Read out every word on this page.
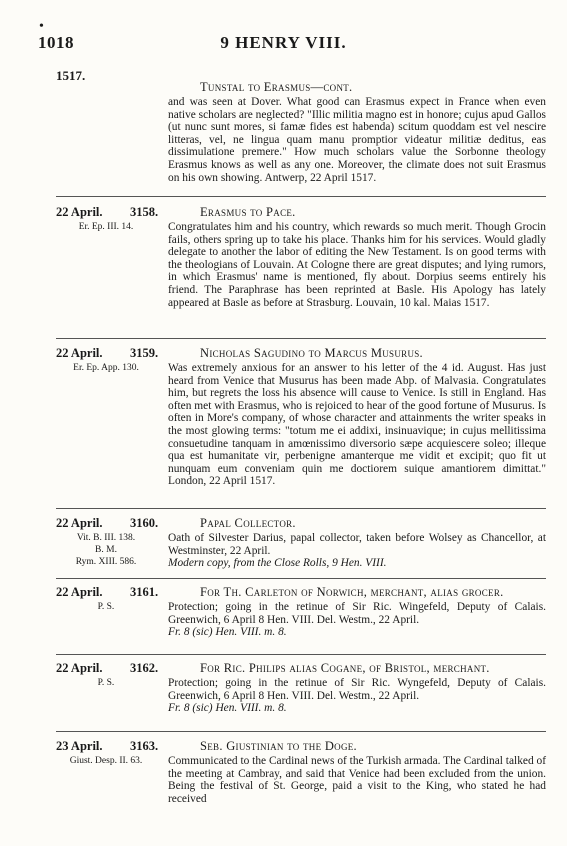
•
1018	9 HENRY VIII.
1517.
Tunstal to Erasmus—cont.
and was seen at Dover. What good can Erasmus expect in France when even native scholars are neglected? "Illic militia magno est in honore; cujus apud Gallos (ut nunc sunt mores, si famæ fides est habenda) scitum quoddam est vel nescire litteras, vel, ne lingua quam manu promptior videatur militiæ deditus, eas dissimulatione premere." How much scholars value the Sorbonne theology Erasmus knows as well as any one. Moreover, the climate does not suit Erasmus on his own showing. Antwerp, 22 April 1517.
22 April.	3158.
Er. Ep. III. 14.
Erasmus to Pace.
Congratulates him and his country, which rewards so much merit. Though Grocin fails, others spring up to take his place. Thanks him for his services. Would gladly delegate to another the labor of editing the New Testament. Is on good terms with the theologians of Louvain. At Cologne there are great disputes; and lying rumors, in which Erasmus' name is mentioned, fly about. Dorpius seems entirely his friend. The Paraphrase has been reprinted at Basle. His Apology has lately appeared at Basle as before at Strasburg. Louvain, 10 kal. Maias 1517.
22 April.	3159.
Er. Ep. App. 130.
Nicholas Sagudino to Marcus Musurus.
Was extremely anxious for an answer to his letter of the 4 id. August. Has just heard from Venice that Musurus has been made Abp. of Malvasia. Congratulates him, but regrets the loss his absence will cause to Venice. Is still in England. Has often met with Erasmus, who is rejoiced to hear of the good fortune of Musurus. Is often in More's company, of whose character and attainments the writer speaks in the most glowing terms: "totum me ei addixi, insinuavique; in cujus mellitissima consuetudine tanquam in amœnissimo diversorio sæpe acquiescere soleo; illeque qua est humanitate vir, perbenigne amanterque me vidit et excipit; quo fit ut nunquam eum conveniam quin me doctiorem suique amantiorem dimittat." London, 22 April 1517.
22 April.	3160.
Vit. B. III. 138.
B. M.
Rym. XIII. 586.
Papal Collector.
Oath of Silvester Darius, papal collector, taken before Wolsey as Chancellor, at Westminster, 22 April.
Modern copy, from the Close Rolls, 9 Hen. VIII.
22 April.	3161.
P. S.
For Th. Carleton of Norwich, merchant, alias grocer.
Protection; going in the retinue of Sir Ric. Wingefeld, Deputy of Calais. Greenwich, 6 April 8 Hen. VIII. Del. Westm., 22 April.
Fr. 8 (sic) Hen. VIII. m. 8.
22 April.	3162.
P. S.
For Ric. Philips alias Cogane, of Bristol, merchant.
Protection; going in the retinue of Sir Ric. Wyngefeld, Deputy of Calais. Greenwich, 6 April 8 Hen. VIII. Del. Westm., 22 April.
Fr. 8 (sic) Hen. VIII. m. 8.
23 April.	3163.
Giust. Desp. II. 63.
Seb. Giustinian to the Doge.
Communicated to the Cardinal news of the Turkish armada. The Cardinal talked of the meeting at Cambray, and said that Venice had been excluded from the union. Being the festival of St. George, paid a visit to the King, who stated he had received
